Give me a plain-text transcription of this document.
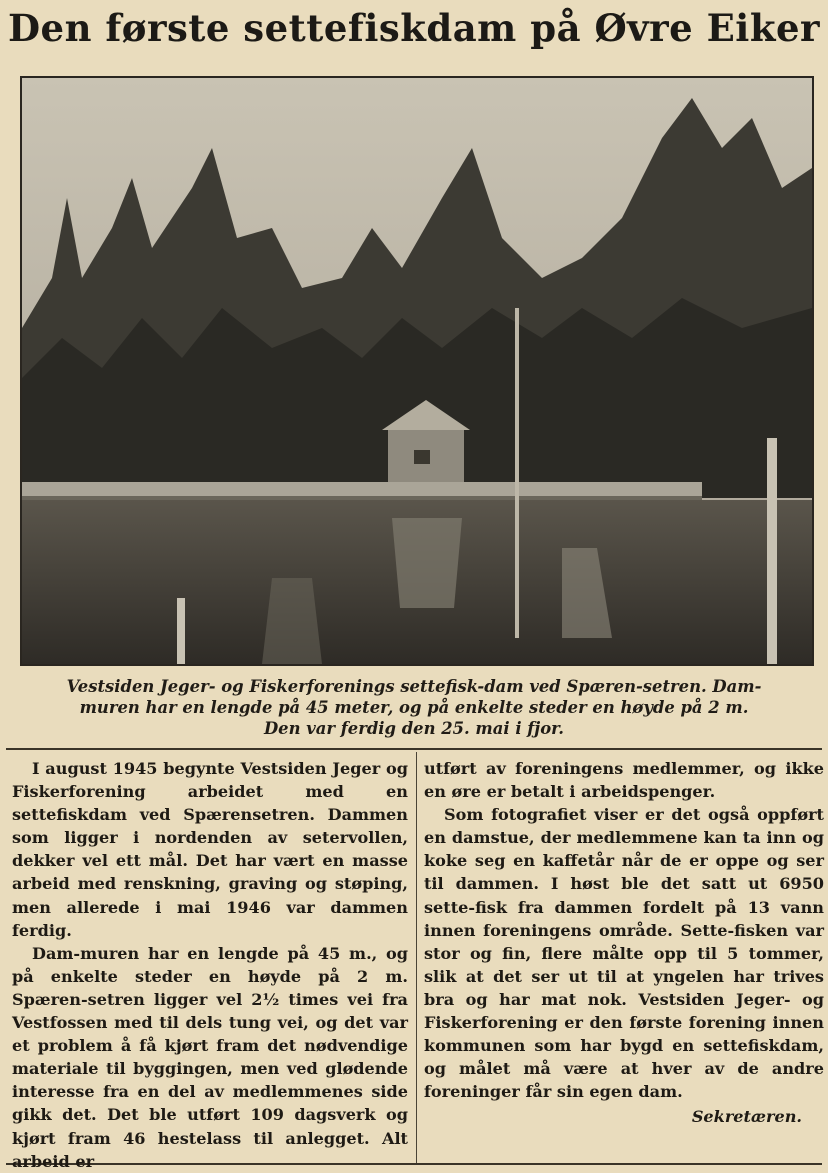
Den første settefiskdam på Øvre Eiker
Vestsiden Jeger- og Fiskerforenings settefisk-dam ved Spæren-setren. Dam-
muren har en lengde på 45 meter, og på enkelte steder en høyde på 2 m.
Den var ferdig den 25. mai i fjor.

I august 1945 begynte Vestsiden Jeger og Fiskerforening arbeidet med en settefiskdam ved Spærensetren. Dammen som ligger i nordenden av setervollen, dekker vel ett mål. Det har vært en masse arbeid med renskning, graving og støping, men allerede i mai 1946 var dammen ferdig.

Dam-muren har en lengde på 45 m., og på enkelte steder en høyde på 2 m. Spæren-setren ligger vel 2½ times vei fra Vestfossen med til dels tung vei, og det var et problem å få kjørt fram det nødvendige materiale til byggingen, men ved glødende interesse fra en del av medlemmenes side gikk det. Det ble utført 109 dagsverk og kjørt fram 46 hestelass til anlegget. Alt arbeid er

utført av foreningens medlemmer, og ikke en øre er betalt i arbeidspenger.

Som fotografiet viser er det også oppført en damstue, der medlemmene kan ta inn og koke seg en kaffetår når de er oppe og ser til dammen. I høst ble det satt ut 6950 sette-fisk fra dammen fordelt på 13 vann innen foreningens område. Sette-fisken var stor og fin, flere målte opp til 5 tommer, slik at det ser ut til at yngelen har trives bra og har mat nok. Vestsiden Jeger- og Fiskerforening er den første forening innen kommunen som har bygd en settefiskdam, og målet må være at hver av de andre foreninger får sin egen dam.

Sekretæren.
